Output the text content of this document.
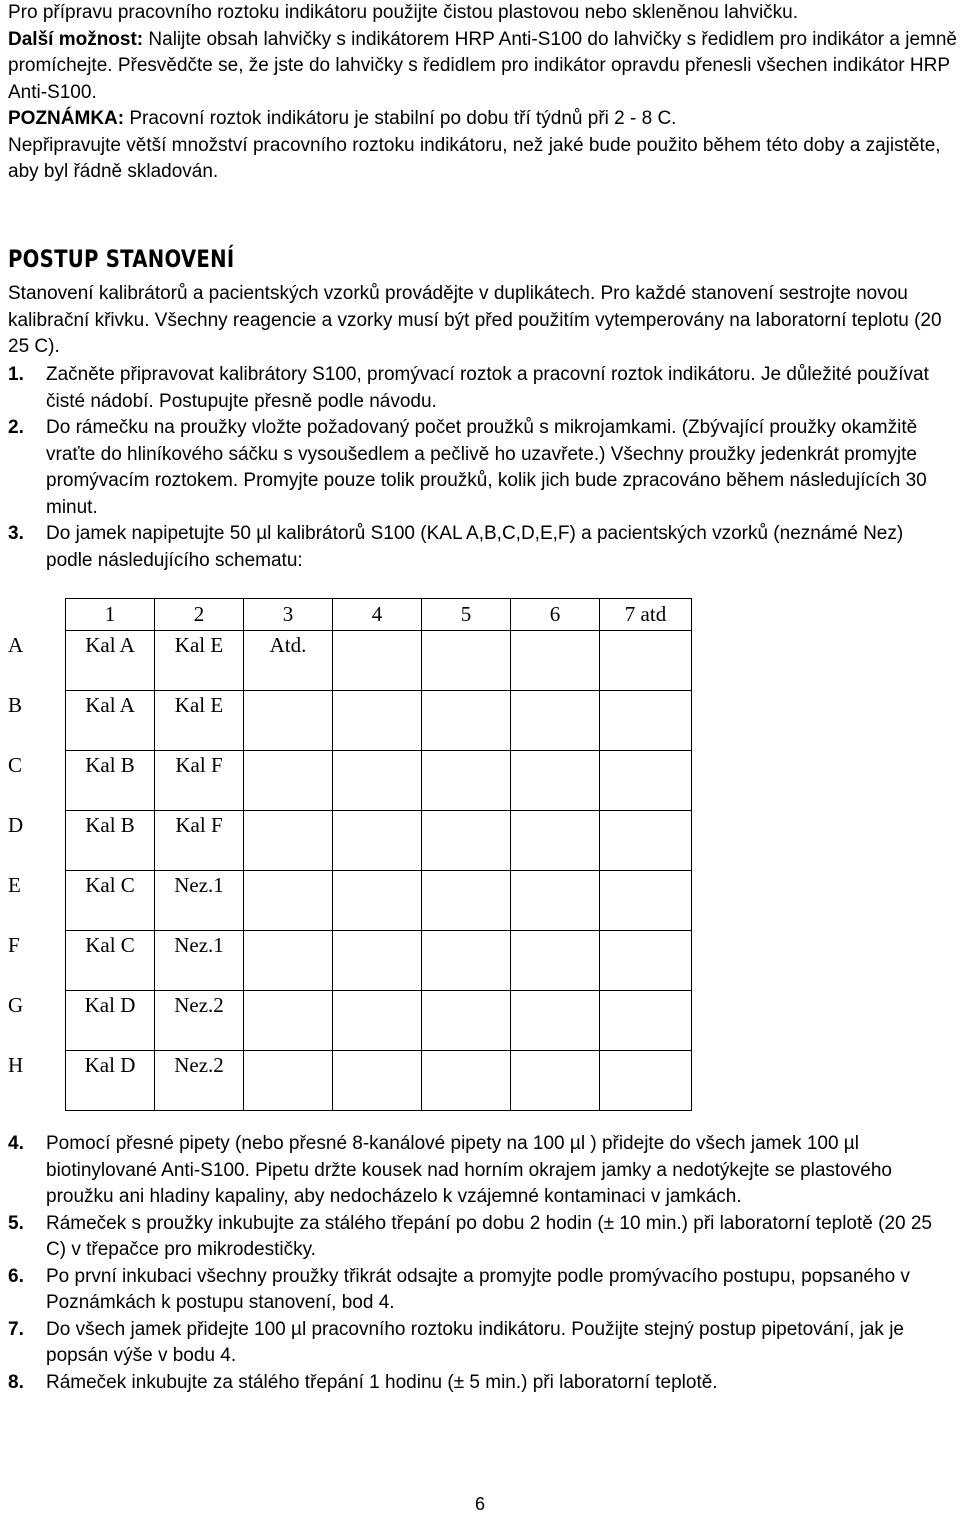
Pro přípravu pracovního roztoku indikátoru použijte čistou plastovou nebo skleněnou lahvičku.
Další možnost: Nalijte obsah lahvičky s indikátorem HRP Anti-S100 do lahvičky s ředidlem pro indikátor a jemně promíchejte. Přesvědčte se, že jste do lahvičky s ředidlem pro indikátor opravdu přenesli všechen indikátor HRP Anti-S100.
POZNÁMKA: Pracovní roztok indikátoru je stabilní po dobu tří týdnů při 2 - 8 C.
Nepřipravujte větší množství pracovního roztoku indikátoru, než jaké bude použito během této doby a zajistěte, aby byl řádně skladován.
POSTUP STANOVENÍ

Stanovení kalibrátorů a pacientských vzorků provádějte v duplikátech. Pro každé stanovení sestrojte novou kalibrační křivku. Všechny reagencie a vzorky musí být před použitím vytemperovány na laboratorní teplotu (20 25 C).

1.	Začněte připravovat kalibrátory S100, promývací roztok a pracovní roztok indikátoru. Je důležité používat čisté nádobí. Postupujte přesně podle návodu.
2.	Do rámečku na proužky vložte požadovaný počet proužků s mikrojamkami. (Zbývající proužky okamžitě vraťte do hliníkového sáčku s vysoušedlem a pečlivě ho uzavřete.) Všechny proužky jedenkrát promyjte promývacím roztokem. Promyjte pouze tolik proužků, kolik jich bude zpracováno během následujících 30 minut.
3.	Do jamek napipetujte 50 µl kalibrátorů S100 (KAL A,B,C,D,E,F) a pacientských vzorků (neznámé Nez) podle následujícího schematu:
	1	2	3	4	5	6	7 atd
A	Kal A	Kal E	Atd.				
B	Kal A	Kal E					
C	Kal B	Kal F					
D	Kal B	Kal F					
E	Kal C	Nez.1					
F	Kal C	Nez.1					
G	Kal D	Nez.2					
H	Kal D	Nez.2					
4.	Pomocí přesné pipety (nebo přesné 8-kanálové pipety na 100 µl ) přidejte do všech jamek 100 µl biotinylované Anti-S100. Pipetu držte kousek nad horním okrajem jamky a nedotýkejte se plastového proužku ani hladiny kapaliny, aby nedocházelo k vzájemné kontaminaci v jamkách.
5.	Rámeček s proužky inkubujte za stálého třepání po dobu 2 hodin (± 10 min.) při laboratorní teplotě (20 25 C) v třepačce pro mikrodestičky.
6.	Po první inkubaci všechny proužky třikrát odsajte a promyjte podle promývacího postupu, popsaného v Poznámkách k postupu stanovení, bod 4.
7.	Do všech jamek přidejte 100 µl pracovního roztoku indikátoru. Použijte stejný postup pipetování, jak je popsán výše v bodu 4.
8.	Rámeček inkubujte za stálého třepání 1 hodinu (± 5 min.) při laboratorní teplotě.
6
